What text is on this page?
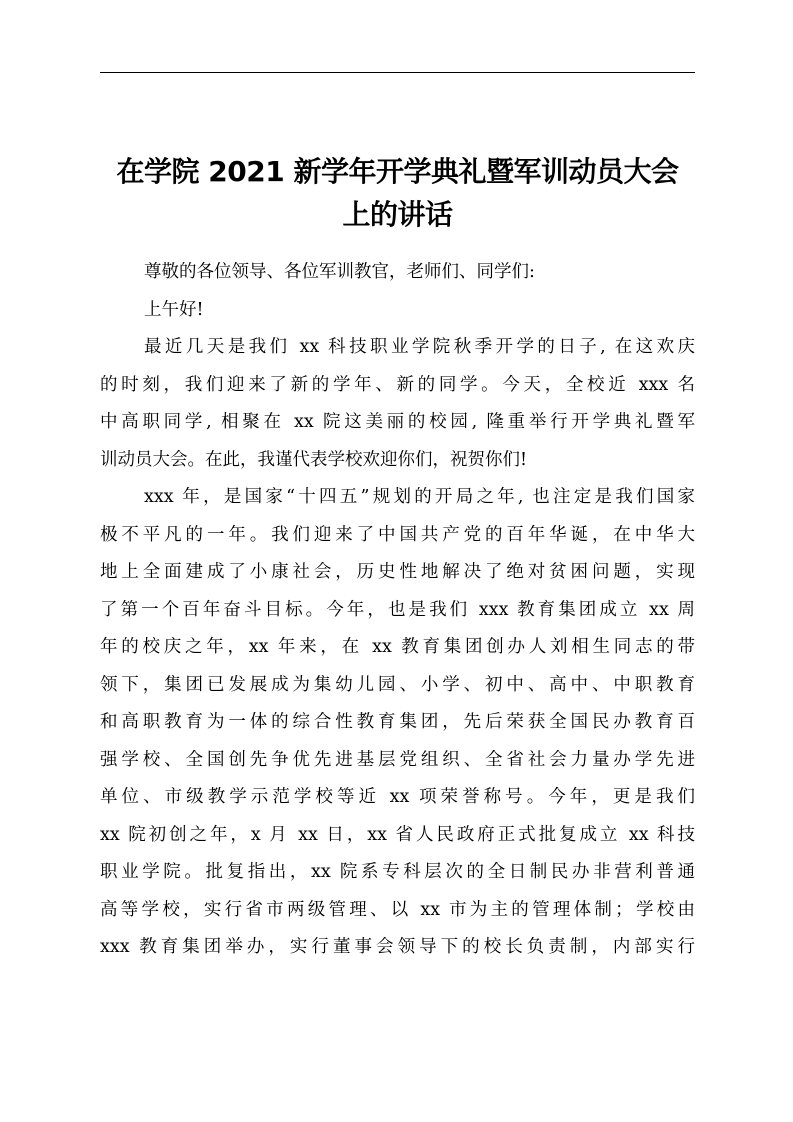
在学院 2021 新学年开学典礼暨军训动员大会
上的讲话
尊敬的各位领导、各位军训教官，老师们、同学们:
上午好!
最近几天是我们 xx 科技职业学院秋季开学的日子, 在这欢庆
的时刻，我们迎来了新的学年、新的同学。今天，全校近 xxx 名
中高职同学, 相聚在 xx 院这美丽的校园, 隆重举行开学典礼暨军
训动员大会。在此，我谨代表学校欢迎你们，祝贺你们!
xxx 年，是国家“十四五”规划的开局之年, 也注定是我们国家
极不平凡的一年。我们迎来了中国共产党的百年华诞，在中华大
地上全面建成了小康社会，历史性地解决了绝对贫困问题，实现
了第一个百年奋斗目标。今年，也是我们 xxx 教育集团成立 xx 周
年的校庆之年，xx 年来，在 xx 教育集团创办人刘相生同志的带
领下，集团已发展成为集幼儿园、小学、初中、高中、中职教育
和高职教育为一体的综合性教育集团，先后荣获全国民办教育百
强学校、全国创先争优先进基层党组织、全省社会力量办学先进
单位、市级教学示范学校等近 xx 项荣誉称号。今年，更是我们
xx 院初创之年，x 月 xx 日，xx 省人民政府正式批复成立 xx 科技
职业学院。批复指出，xx 院系专科层次的全日制民办非营利普通
高等学校，实行省市两级管理、以 xx 市为主的管理体制；学校由
xxx 教育集团举办，实行董事会领导下的校长负责制，内部实行
